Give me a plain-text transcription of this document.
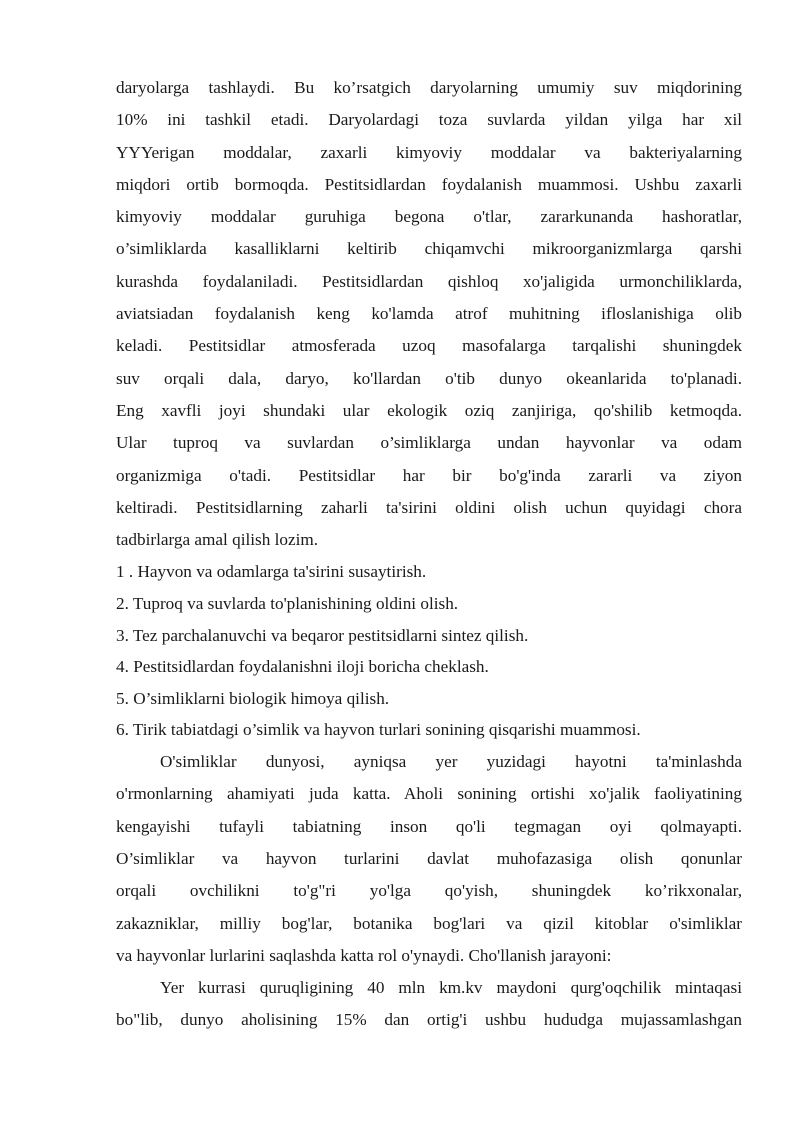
daryolarga tashlaydi. Bu ko’rsatgich daryolarning umumiy suv miqdorining
10% ini tashkil etadi. Daryolardagi toza suvlarda yildan yilga har xil
YYYerigan moddalar, zaxarli kimyoviy moddalar va bakteriyalarning
miqdori ortib bormoqda. Pestitsidlardan foydalanish muammosi. Ushbu zaxarli
kimyoviy moddalar guruhiga begona o'tlar, zararkunanda hashoratlar,
o’simliklarda kasalliklarni keltirib chiqamvchi mikroorganizmlarga qarshi
kurashda foydalaniladi. Pestitsidlardan qishloq xo'jaligida urmonchiliklarda,
aviatsiadan foydalanish keng ko'lamda atrof muhitning ifloslanishiga olib
keladi. Pestitsidlar atmosferada uzoq masofalarga tarqalishi shuningdek
suv orqali dala, daryo, ko'llardan o'tib dunyo okeanlarida to'planadi.
Eng xavfli joyi shundaki ular ekologik oziq zanjiriga, qo'shilib ketmoqda.
Ular tuproq va suvlardan o’simliklarga undan hayvonlar va odam
organizmiga o'tadi. Pestitsidlar har bir bo'g'inda zararli va ziyon
keltiradi. Pestitsidlarning zaharli ta'sirini oldini olish uchun quyidagi chora
tadbirlarga amal qilish lozim.

1 . Hayvon va odamlarga ta'sirini susaytirish.
2. Tuproq va suvlarda to'planishining oldini olish.
3. Tez parchalanuvchi va beqaror pestitsidlarni sintez qilish.
4. Pestitsidlardan foydalanishni iloji boricha cheklash.
5. O’simliklarni biologik himoya qilish.
6. Tirik tabiatdagi o’simlik va hayvon turlari sonining qisqarishi muammosi.

O'simliklar dunyosi, ayniqsa yer yuzidagi hayotni ta'minlashda
o'rmonlarning ahamiyati juda katta. Aholi sonining ortishi xo'jalik faoliyatining
kengayishi tufayli tabiatning inson qo'li tegmagan oyi qolmayapti.
O’simliklar va hayvon turlarini davlat muhofazasiga olish qonunlar
orqali ovchilikni to'g"ri yo'lga qo'yish, shuningdek ko’rikxonalar,
zakazniklar, milliy bog'lar, botanika bog'lari va qizil kitoblar o'simliklar
va hayvonlar lurlarini saqlashda katta rol o'ynaydi. Cho'llanish jarayoni:

Yer kurrasi quruqligining 40 mln km.kv maydoni qurg'oqchilik mintaqasi
bo"lib, dunyo aholisining 15% dan ortig'i ushbu hududga mujassamlashgan
